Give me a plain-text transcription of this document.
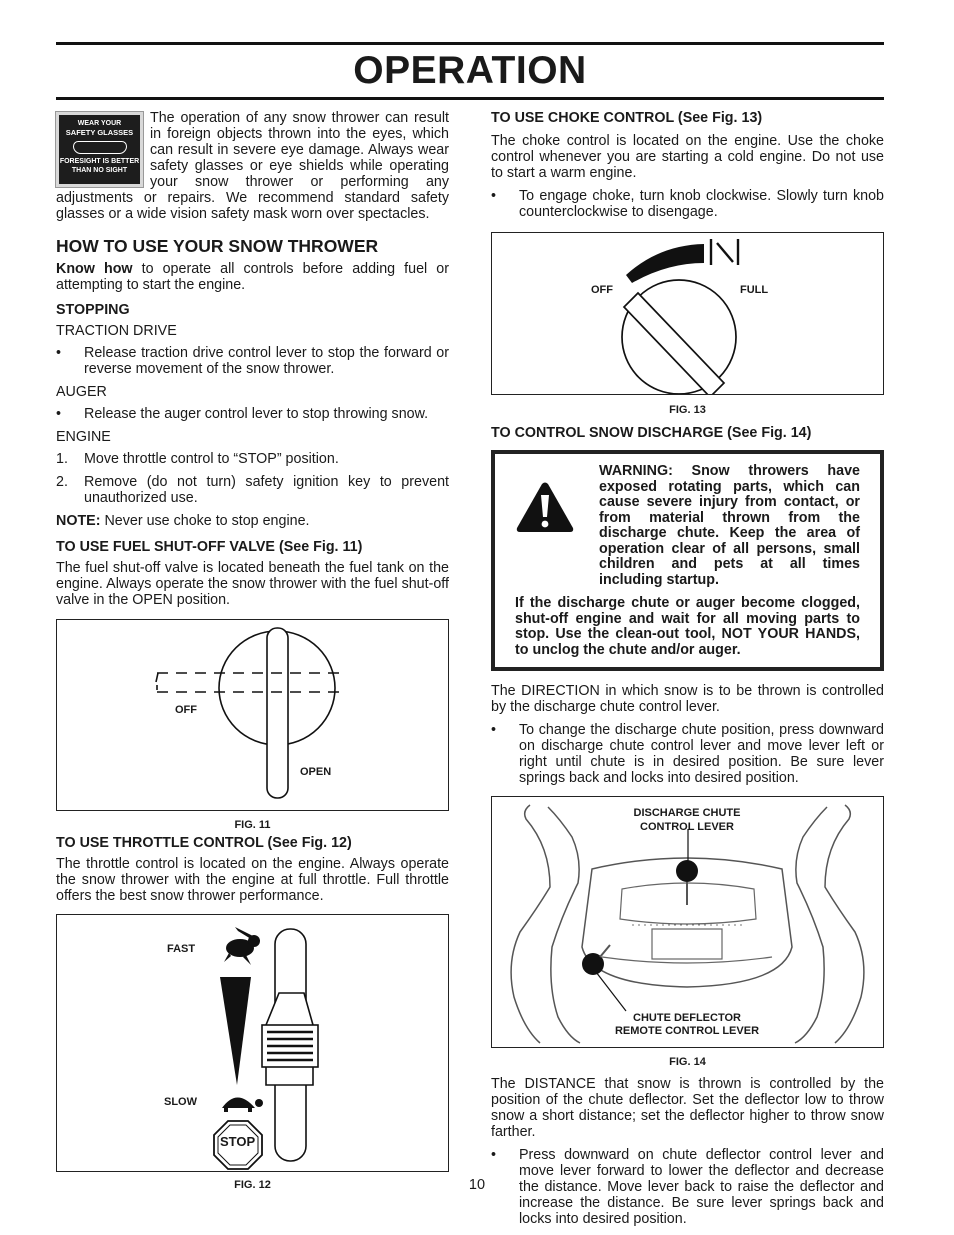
OPERATION
WEAR YOUR
SAFETY GLASSES
FORESIGHT IS BETTER
THAN NO SIGHT

The operation of any snow thrower can result in foreign objects thrown into the eyes, which can result in severe eye damage. Always wear safety glasses or eye shields while operating your snow thrower or performing any adjustments or repairs. We recommend standard safety glasses or a wide vision safety mask worn over spectacles.

HOW TO USE YOUR SNOW THROWER

Know how to operate all controls before adding fuel or attempting to start the engine.

STOPPING
TRACTION DRIVE
•	Release traction drive control lever to stop the forward or reverse movement of the snow thrower.
AUGER
•	Release the auger control lever to stop throwing snow.
ENGINE
1.	Move throttle control to “STOP” position.
2.	Remove (do not turn) safety ignition key to prevent unauthorized use.

NOTE: Never use choke to stop engine.

TO USE FUEL SHUT-OFF VALVE (See Fig. 11)

The fuel shut-off valve is located beneath the fuel tank on the engine. Always operate the snow thrower with the fuel shut-off valve in the OPEN position.

OFF
OPEN
FIG. 11
TO USE THROTTLE CONTROL (See Fig. 12)

The throttle control is located on the engine. Always operate the snow thrower with the engine at full throttle. Full throttle offers the best snow thrower performance.

FAST
SLOW
STOP
FIG. 12
TO USE CHOKE CONTROL (See Fig. 13)

The choke control is located on the engine. Use the choke control whenever you are starting a cold engine. Do not use to start a warm engine.

•	To engage choke, turn knob clockwise. Slowly turn knob counterclockwise to disengage.
OFF	FULL
FIG. 13
TO CONTROL SNOW DISCHARGE (See Fig. 14)
WARNING: Snow throwers have exposed rotating parts, which can cause severe injury from contact, or from material thrown from the discharge chute. Keep the area of operation clear of all persons, small children and pets at all times including startup.
If the discharge chute or auger become clogged, shut-off engine and wait for all moving parts to stop. Use the clean-out tool, NOT YOUR HANDS, to unclog the chute and/or auger.

The DIRECTION in which snow is to be thrown is controlled by the discharge chute control lever.

•	To change the discharge chute position, press downward on discharge chute control lever and move lever left or right until chute is in desired position. Be sure lever springs back and locks into desired position.
DISCHARGE CHUTE
CONTROL LEVER
CHUTE DEFLECTOR
REMOTE CONTROL LEVER
FIG. 14

The DISTANCE that snow is thrown is controlled by the position of the chute deflector. Set the deflector low to throw snow a short distance; set the deflector higher to throw snow farther.

•	Press downward on chute deflector control lever and move lever forward to lower the deflector and decrease the distance. Move lever back to raise the deflector and increase the distance. Be sure lever springs back and locks into desired position.
10
